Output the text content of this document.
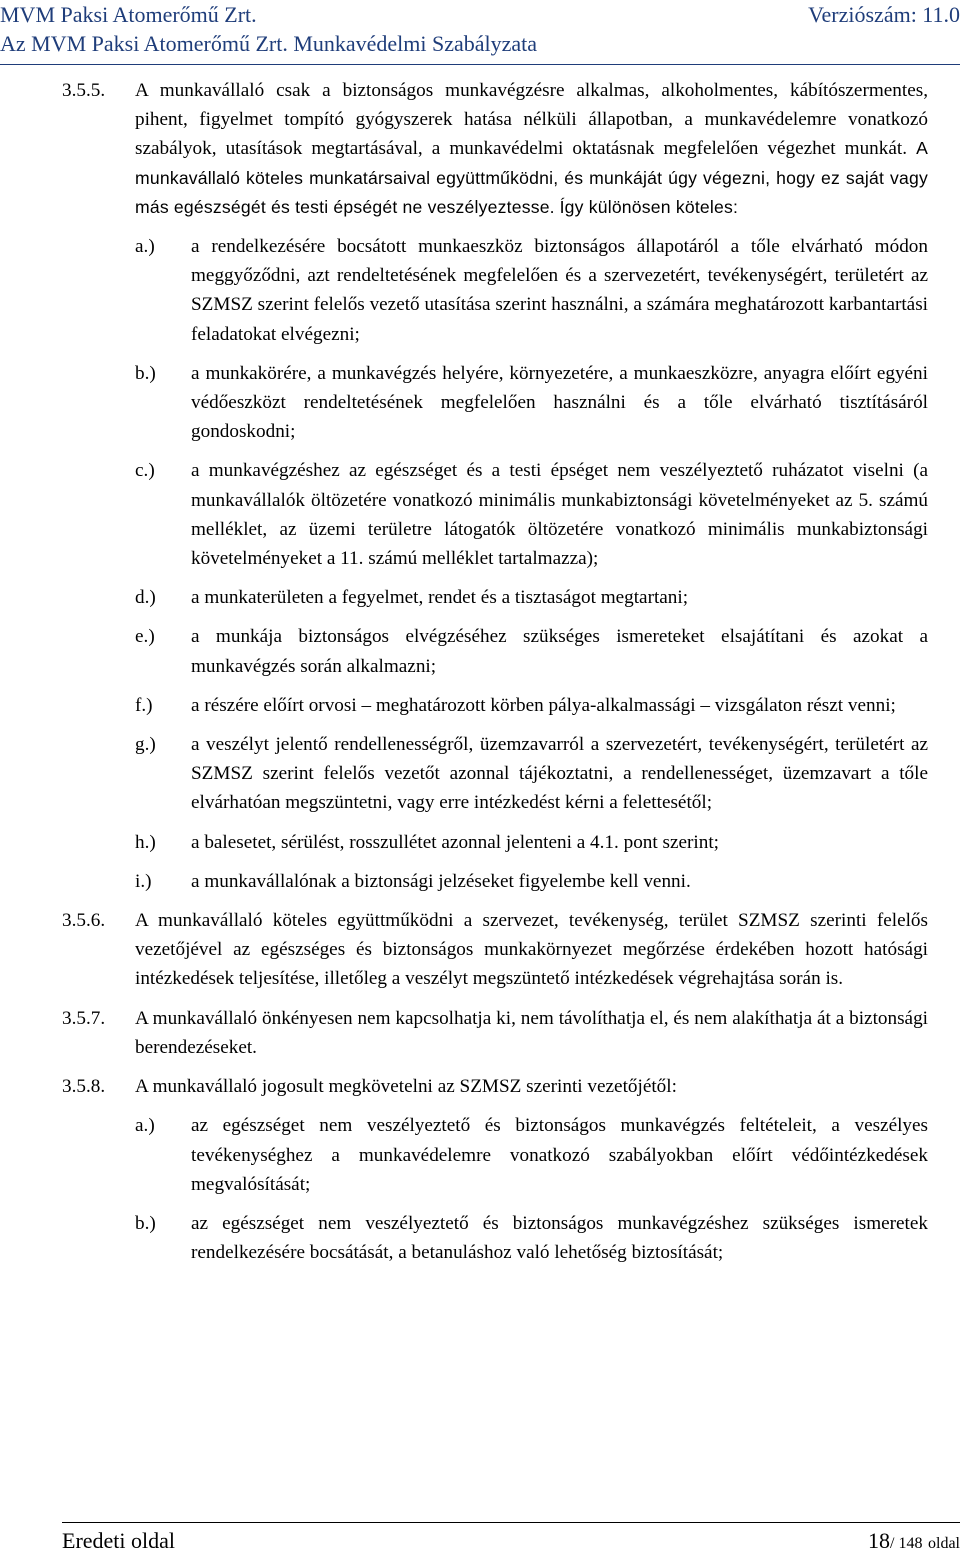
MVM Paksi Atomerőmű Zrt.	Verziószám: 11.0
Az MVM Paksi Atomerőmű Zrt. Munkavédelmi Szabályzata
3.5.5.	A munkavállaló csak a biztonságos munkavégzésre alkalmas, alkoholmentes, kábítószermentes, pihent, figyelmet tompító gyógyszerek hatása nélküli állapotban, a munkavédelemre vonatkozó szabályok, utasítások megtartásával, a munkavédelmi oktatásnak megfelelően végezhet munkát. A munkavállaló köteles munkatársaival együttműködni, és munkáját úgy végezni, hogy ez saját vagy más egészségét és testi épségét ne veszélyeztesse. Így különösen köteles:
a.)	a rendelkezésére bocsátott munkaeszköz biztonságos állapotáról a tőle elvárható módon meggyőződni, azt rendeltetésének megfelelően és a szervezetért, tevékenységért, területért az SZMSZ szerint felelős vezető utasítása szerint használni, a számára meghatározott karbantartási feladatokat elvégezni;
b.)	a munkakörére, a munkavégzés helyére, környezetére, a munkaeszközre, anyagra előírt egyéni védőeszközt rendeltetésének megfelelően használni és a tőle elvárható tisztításáról gondoskodni;
c.)	a munkavégzéshez az egészséget és a testi épséget nem veszélyeztető ruházatot viselni (a munkavállalók öltözetére vonatkozó minimális munkabiztonsági követelményeket az 5. számú melléklet, az üzemi területre látogatók öltözetére vonatkozó minimális munkabiztonsági követelményeket a 11. számú melléklet tartalmazza);
d.)	a munkaterületen a fegyelmet, rendet és a tisztaságot megtartani;
e.)	a munkája biztonságos elvégzéséhez szükséges ismereteket elsajátítani és azokat a munkavégzés során alkalmazni;
f.)	a részére előírt orvosi – meghatározott körben pálya-alkalmassági – vizsgálaton részt venni;
g.)	a veszélyt jelentő rendellenességről, üzemzavarról a szervezetért, tevékenységért, területért az SZMSZ szerint felelős vezetőt azonnal tájékoztatni, a rendellenességet, üzemzavart a tőle elvárhatóan megszüntetni, vagy erre intézkedést kérni a felettesétől;
h.)	a balesetet, sérülést, rosszullétet azonnal jelenteni a 4.1. pont szerint;
i.)	a munkavállalónak a biztonsági jelzéseket figyelembe kell venni.
3.5.6.	A munkavállaló köteles együttműködni a szervezet, tevékenység, terület SZMSZ szerinti felelős vezetőjével az egészséges és biztonságos munkakörnyezet megőrzése érdekében hozott hatósági intézkedések teljesítése, illetőleg a veszélyt megszüntető intézkedések végrehajtása során is.
3.5.7.	A munkavállaló önkényesen nem kapcsolhatja ki, nem távolíthatja el, és nem alakíthatja át a biztonsági berendezéseket.
3.5.8.	A munkavállaló jogosult megkövetelni az SZMSZ szerinti vezetőjétől:
a.)	az egészséget nem veszélyeztető és biztonságos munkavégzés feltételeit, a veszélyes tevékenységhez a munkavédelemre vonatkozó szabályokban előírt védőintézkedések megvalósítását;
b.)	az egészséget nem veszélyeztető és biztonságos munkavégzéshez szükséges ismeretek rendelkezésére bocsátását, a betanuláshoz való lehetőség biztosítását;
Eredeti oldal	18/ 148 oldal
